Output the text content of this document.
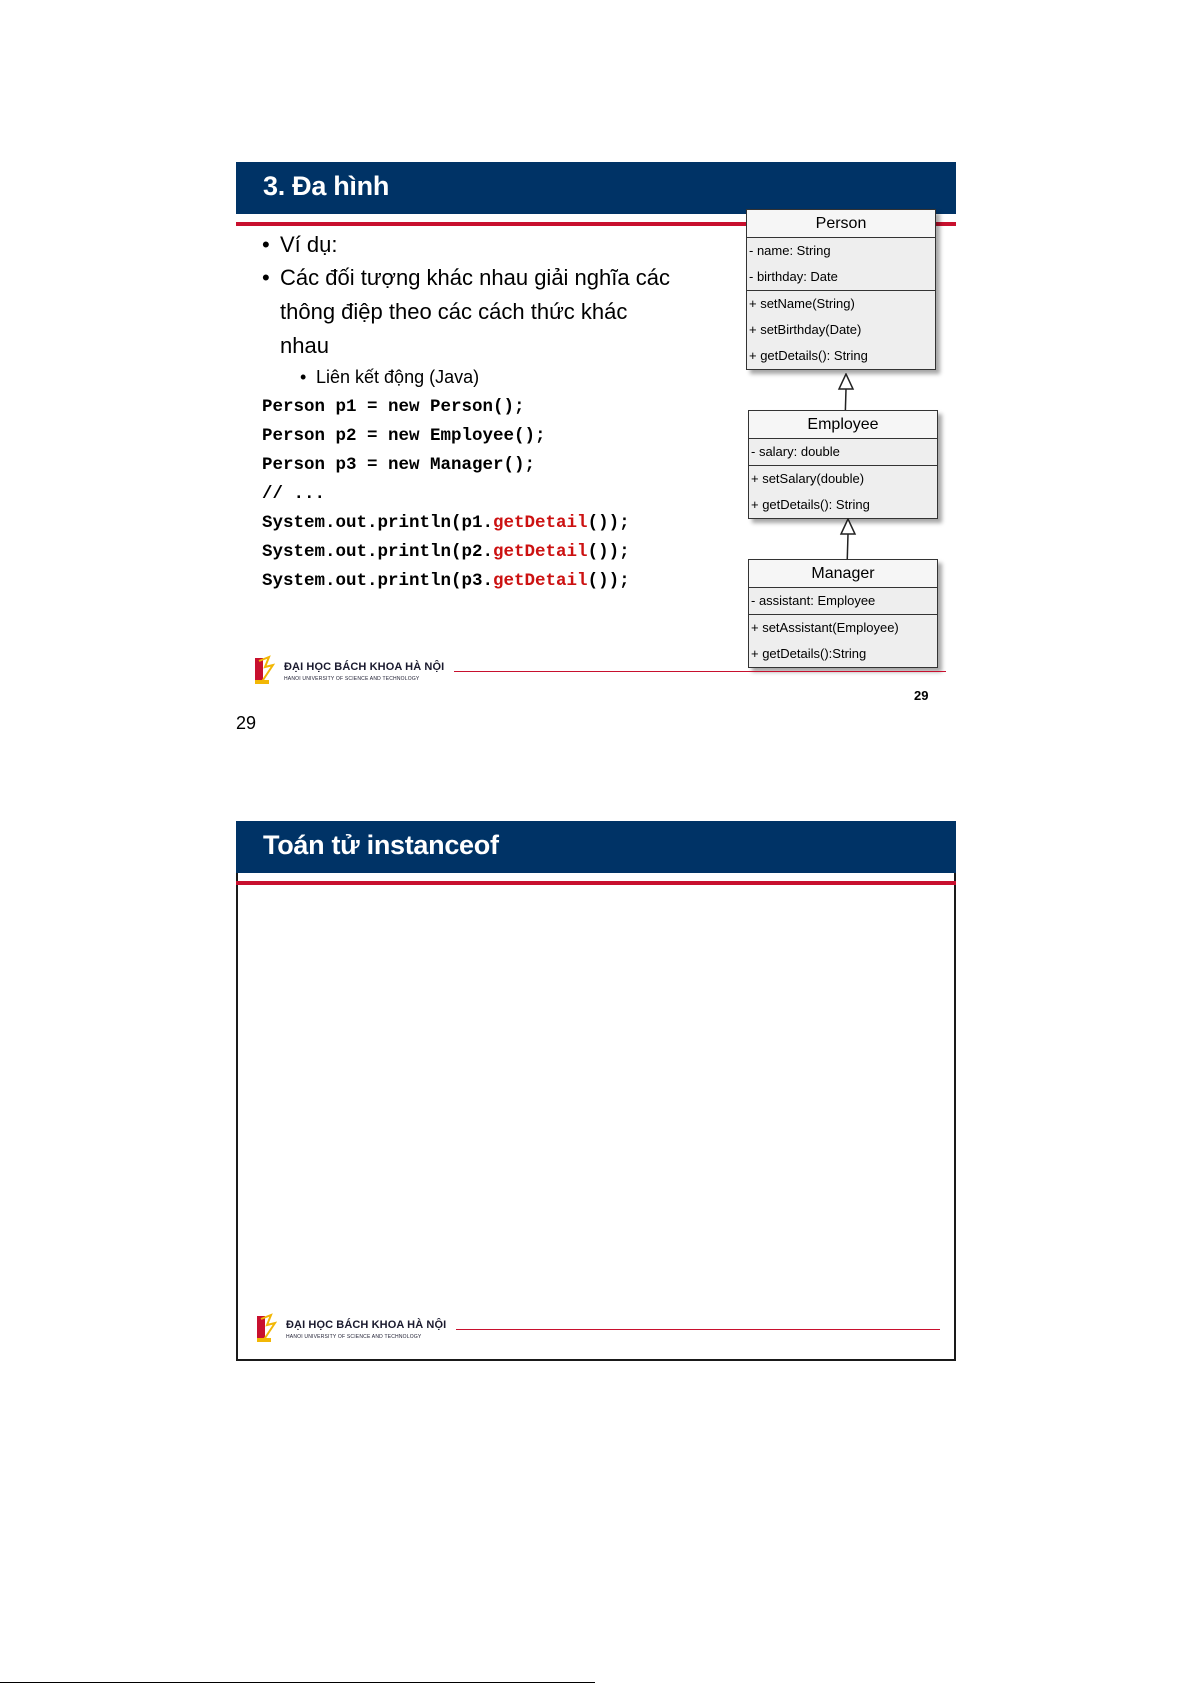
3. Đa hình
• Ví dụ:
• Các đối tượng khác nhau giải nghĩa các
thông điệp theo các cách thức khác
nhau
• Liên kết động (Java)
Person p1 = new Person();
Person p2 = new Employee();
Person p3 = new Manager();
// ...
System.out.println(p1.getDetail());
System.out.println(p2.getDetail());
System.out.println(p3.getDetail());
Person
- name: String
- birthday: Date
+ setName(String)
+ setBirthday(Date)
+ getDetails(): String
Employee
- salary: double
+ setSalary(double)
+ getDetails(): String
Manager
- assistant: Employee
+ setAssistant(Employee)
+ getDetails():String
ĐẠI HỌC BÁCH KHOA HÀ NỘI
HANOI UNIVERSITY OF SCIENCE AND TECHNOLOGY
29
29
Toán tử instanceof
ĐẠI HỌC BÁCH KHOA HÀ NỘI
HANOI UNIVERSITY OF SCIENCE AND TECHNOLOGY
